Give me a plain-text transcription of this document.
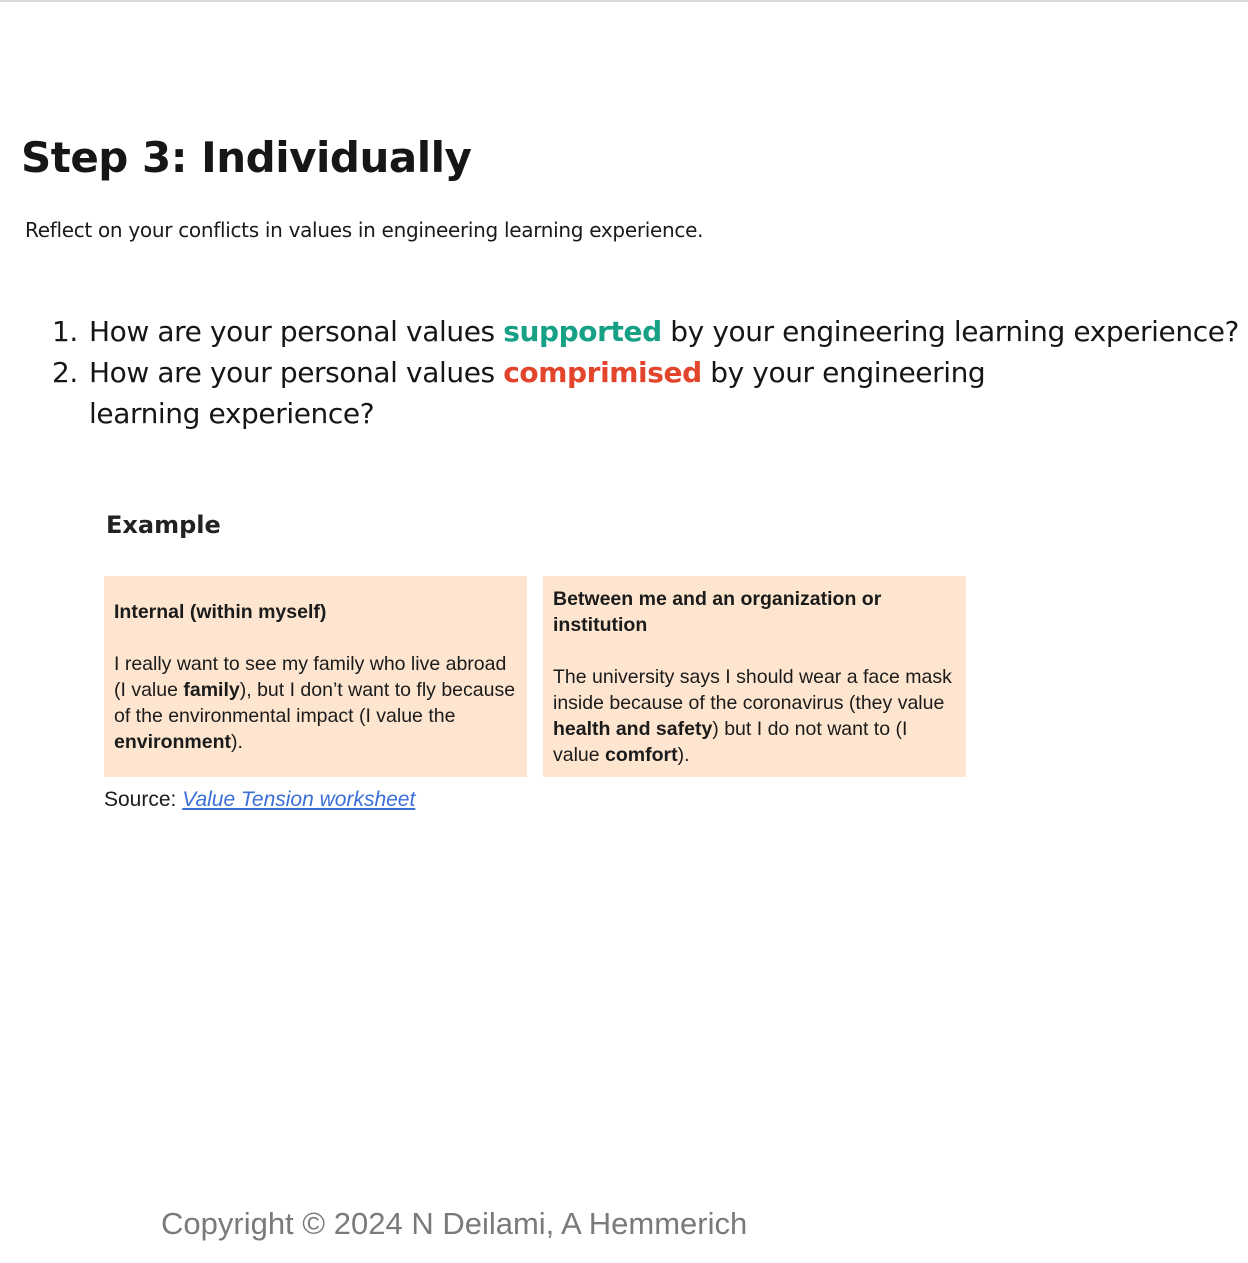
Step 3: Individually

Reflect on your conflicts in values in engineering learning experience.

1. How are your personal values supported by your engineering learning experience?
2. How are your personal values comprimised by your engineering learning experience?
Example

Internal (within myself)

I really want to see my family who live abroad (I value family), but I don’t want to fly because of the environmental impact (I value the environment).

Between me and an organization or institution

The university says I should wear a face mask inside because of the coronavirus (they value health and safety) but I do not want to (I value comfort).

Source: Value Tension worksheet

Copyright © 2024 N Deilami, A Hemmerich
